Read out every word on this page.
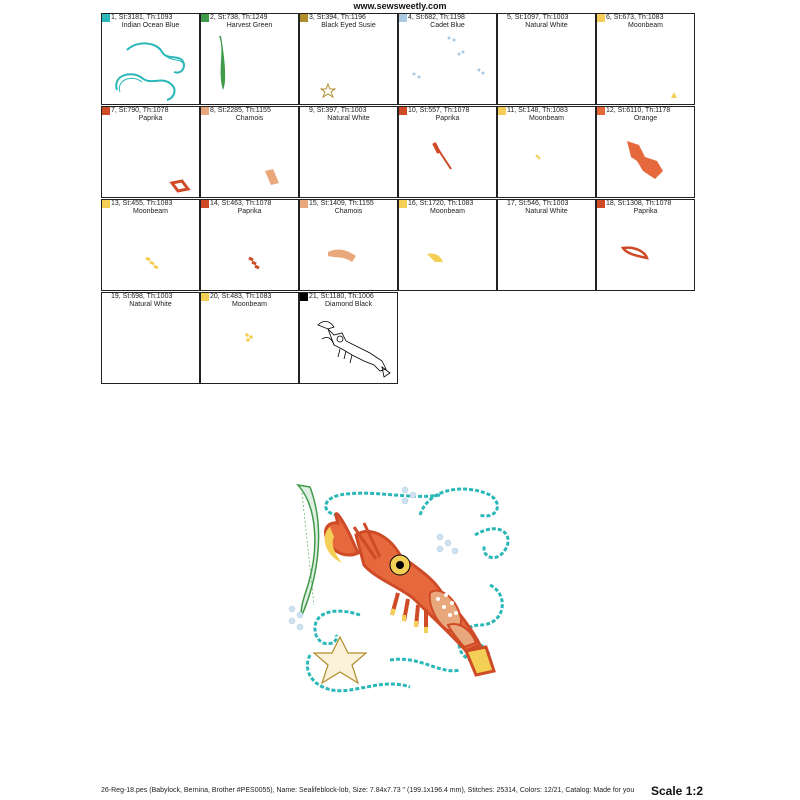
www.sewsweetly.com
1, St:3181, Th:1093
Indian Ocean Blue
2, St:738, Th:1249
Harvest Green
3, St:394, Th:1196
Black Eyed Susie
4, St:682, Th:1198
Cadet Blue
5, St:1097, Th:1003
Natural White
6, St:673, Th:1083
Moonbeam
7, St:790, Th:1078
Paprika
8, St:2285, Th:1155
Chamois
9, St:397, Th:1003
Natural White
10, St:557, Th:1078
Paprika
11, St:148, Th:1083
Moonbeam
12, St:6110, Th:1178
Orange
13, St:455, Th:1083
Moonbeam
14, St:463, Th:1078
Paprika
15, St:1409, Th:1155
Chamois
16, St:1720, Th:1083
Moonbeam
17, St:546, Th:1003
Natural White
18, St:1308, Th:1078
Paprika
19, St:698, Th:1003
Natural White
20, St:483, Th:1083
Moonbeam
21, St:1180, Th:1006
Diamond Black
26-Reg-18.pes (Babylock, Bernina, Brother #PES0055), Name: Sealifeblock-lob, Size: 7.84x7.73 " (199.1x196.4 mm), Stitches: 25314, Colors: 12/21, Catalog: Made for you	Scale 1:2
